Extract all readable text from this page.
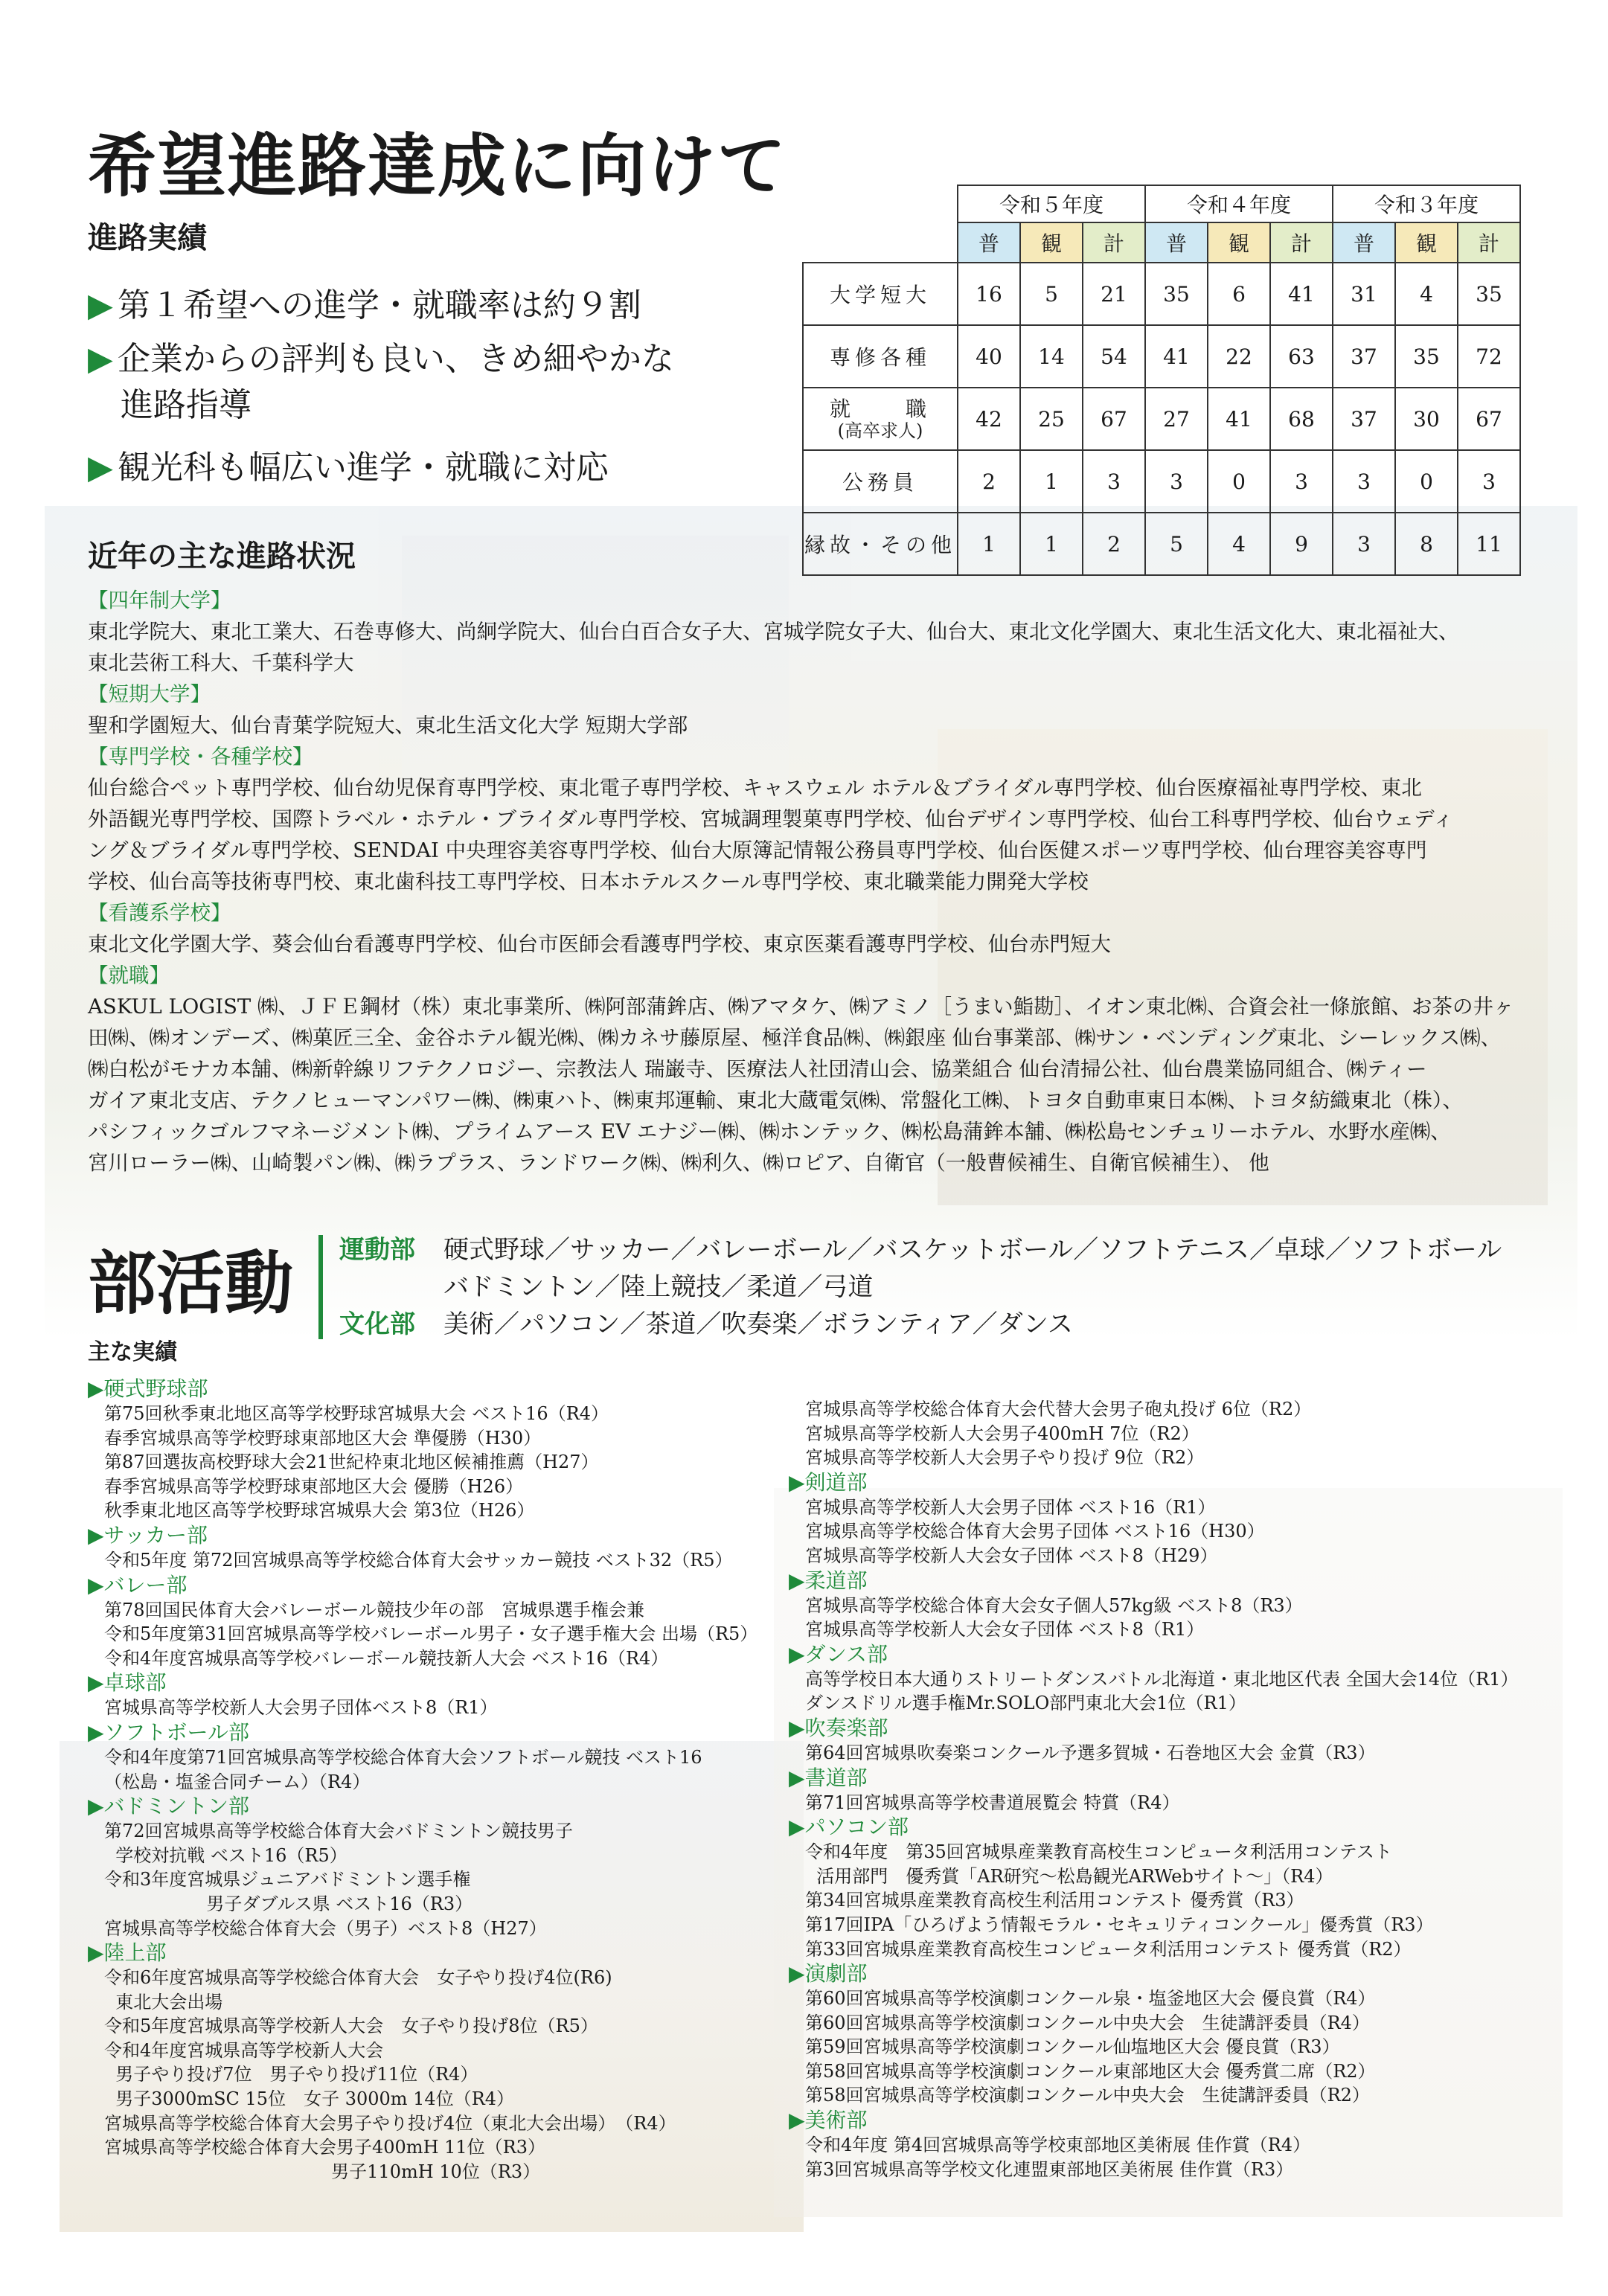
希望進路達成に向けて
進路実績
▶ 第１希望への進学・就職率は約９割
▶ 企業からの評判も良い、きめ細やかな
進路指導
▶ 観光科も幅広い進学・就職に対応
	令和５年度			令和４年度			令和３年度		
	普	観	計	普	観	計	普	観	計

大学短大	16	5	21	35	6	41	31	4	35

専修各種	40	14	54	41	22	63	37	35	72

就　　職
(高卒求人)	42	25	67	27	41	68	37	30	67

公務員	2	1	3	3	0	3	3	0	3

縁故・その他	1	1	2	5	4	9	3	8	11
近年の主な進路状況
【四年制大学】
東北学院大、東北工業大、石巻専修大、尚絅学院大、仙台白百合女子大、宮城学院女子大、仙台大、東北文化学園大、東北生活文化大、東北福祉大、
東北芸術工科大、千葉科学大
【短期大学】
聖和学園短大、仙台青葉学院短大、東北生活文化大学 短期大学部
【専門学校・各種学校】
仙台総合ペット専門学校、仙台幼児保育専門学校、東北電子専門学校、キャスウェル ホテル＆ブライダル専門学校、仙台医療福祉専門学校、東北
外語観光専門学校、国際トラベル・ホテル・ブライダル専門学校、宮城調理製菓専門学校、仙台デザイン専門学校、仙台工科専門学校、仙台ウェディ
ング＆ブライダル専門学校、SENDAI 中央理容美容専門学校、仙台大原簿記情報公務員専門学校、仙台医健スポーツ専門学校、仙台理容美容専門
学校、仙台高等技術専門校、東北歯科技工専門学校、日本ホテルスクール専門学校、東北職業能力開発大学校
【看護系学校】
東北文化学園大学、葵会仙台看護専門学校、仙台市医師会看護専門学校、東京医薬看護専門学校、仙台赤門短大
【就職】
ASKUL LOGIST ㈱、ＪＦＥ鋼材（株）東北事業所、㈱阿部蒲鉾店、㈱アマタケ、㈱アミノ［うまい鮨勘］、イオン東北㈱、合資会社一條旅館、お茶の井ヶ
田㈱、㈱オンデーズ、㈱菓匠三全、金谷ホテル観光㈱、㈱カネサ藤原屋、極洋食品㈱、㈱銀座 仙台事業部、㈱サン・ベンディング東北、シーレックス㈱、
㈱白松がモナカ本舗、㈱新幹線リフテクノロジー、宗教法人 瑞巌寺、医療法人社団清山会、協業組合 仙台清掃公社、仙台農業協同組合、㈱ティー
ガイア東北支店、テクノヒューマンパワー㈱、㈱東ハト、㈱東邦運輸、東北大蔵電気㈱、常盤化工㈱、トヨタ自動車東日本㈱、トヨタ紡織東北（株）、
パシフィックゴルフマネージメント㈱、プライムアース EV エナジー㈱、㈱ホンテック、㈱松島蒲鉾本舗、㈱松島センチュリーホテル、水野水産㈱、
宮川ローラー㈱、山崎製パン㈱、㈱ラプラス、ランドワーク㈱、㈱利久、㈱ロピア、自衛官（一般曹候補生、自衛官候補生）、 他
部活動 運動部 硬式野球／サッカー／バレーボール／バスケットボール／ソフトテニス／卓球／ソフトボール
バドミントン／陸上競技／柔道／弓道
文化部 美術／パソコン／茶道／吹奏楽／ボランティア／ダンス
主な実績
▶硬式野球部
第75回秋季東北地区高等学校野球宮城県大会 ベスト16（R4）
春季宮城県高等学校野球東部地区大会 準優勝（H30）
第87回選抜高校野球大会21世紀枠東北地区候補推薦（H27）
春季宮城県高等学校野球東部地区大会 優勝（H26）
秋季東北地区高等学校野球宮城県大会 第3位（H26）
▶サッカー部
令和5年度 第72回宮城県高等学校総合体育大会サッカー競技 ベスト32（R5）
▶バレー部
第78回国民体育大会バレーボール競技少年の部　宮城県選手権会兼
令和5年度第31回宮城県高等学校バレーボール男子・女子選手権大会 出場（R5）
令和4年度宮城県高等学校バレーボール競技新人大会 ベスト16（R4）
▶卓球部
宮城県高等学校新人大会男子団体ベスト8（R1）
▶ソフトボール部
令和4年度第71回宮城県高等学校総合体育大会ソフトボール競技 ベスト16
（松島・塩釜合同チーム）（R4）
▶バドミントン部
第72回宮城県高等学校総合体育大会バドミントン競技男子
学校対抗戦 ベスト16（R5）
令和3年度宮城県ジュニアバドミントン選手権
男子ダブルス県 ベスト16（R3）
宮城県高等学校総合体育大会（男子）ベスト8（H27）
▶陸上部
令和6年度宮城県高等学校総合体育大会　女子やり投げ4位(R6)
東北大会出場
令和5年度宮城県高等学校新人大会　女子やり投げ8位（R5）
令和4年度宮城県高等学校新人大会
男子やり投げ7位　男子やり投げ11位（R4）
男子3000mSC 15位　女子 3000m 14位（R4）
宮城県高等学校総合体育大会男子やり投げ4位（東北大会出場）　（R4）
宮城県高等学校総合体育大会男子400mH 11位（R3）
男子110mH 10位（R3）
宮城県高等学校総合体育大会代替大会男子砲丸投げ 6位（R2）
宮城県高等学校新人大会男子400mH 7位（R2）
宮城県高等学校新人大会男子やり投げ 9位（R2）
▶剣道部
宮城県高等学校新人大会男子団体 ベスト16（R1）
宮城県高等学校総合体育大会男子団体 ベスト16（H30）
宮城県高等学校新人大会女子団体 ベスト8（H29）
▶柔道部
宮城県高等学校総合体育大会女子個人57kg級 ベスト8（R3）
宮城県高等学校新人大会女子団体 ベスト8（R1）
▶ダンス部
高等学校日本大通りストリートダンスバトル北海道・東北地区代表 全国大会14位（R1）
ダンスドリル選手権Mr.SOLO部門東北大会1位（R1）
▶吹奏楽部
第64回宮城県吹奏楽コンクール予選多賀城・石巻地区大会 金賞（R3）
▶書道部
第71回宮城県高等学校書道展覧会 特賞（R4）
▶パソコン部
令和4年度　第35回宮城県産業教育高校生コンピュータ利活用コンテスト
活用部門　優秀賞「AR研究～松島観光ARWebサイト～」（R4）
第34回宮城県産業教育高校生利活用コンテスト 優秀賞（R3）
第17回IPA「ひろげよう情報モラル・セキュリティコンクール」優秀賞（R3）
第33回宮城県産業教育高校生コンピュータ利活用コンテスト 優秀賞（R2）
▶演劇部
第60回宮城県高等学校演劇コンクール泉・塩釜地区大会 優良賞（R4）
第60回宮城県高等学校演劇コンクール中央大会　生徒講評委員（R4）
第59回宮城県高等学校演劇コンクール仙塩地区大会 優良賞（R3）
第58回宮城県高等学校演劇コンクール東部地区大会 優秀賞二席（R2）
第58回宮城県高等学校演劇コンクール中央大会　生徒講評委員（R2）
▶美術部
令和4年度 第4回宮城県高等学校東部地区美術展 佳作賞（R4）
第3回宮城県高等学校文化連盟東部地区美術展 佳作賞（R3）
